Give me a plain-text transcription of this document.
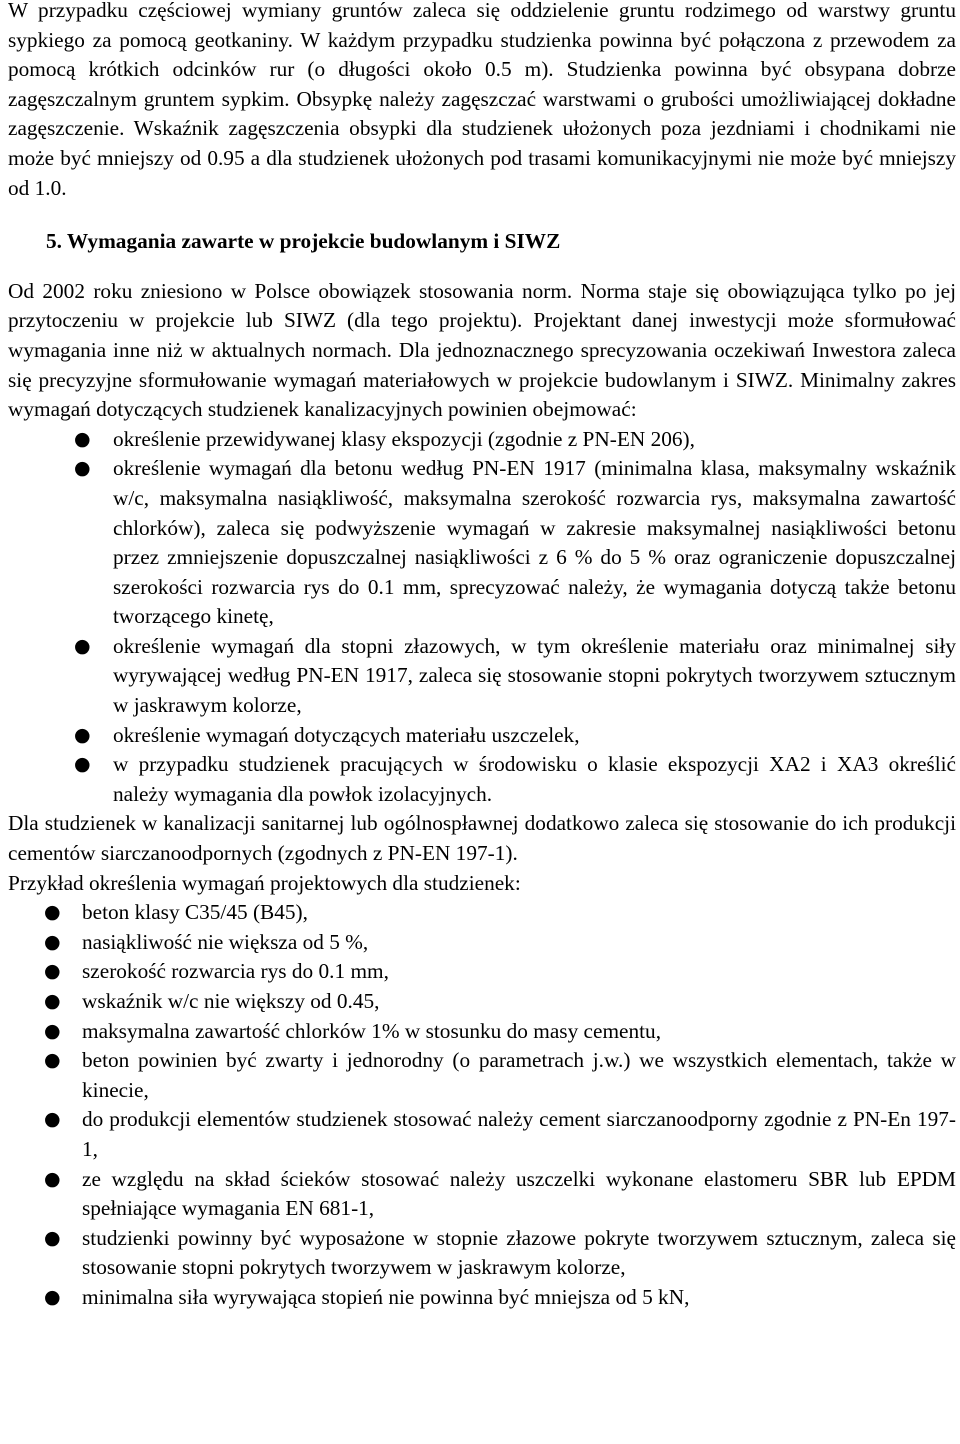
W przypadku częściowej wymiany gruntów zaleca się oddzielenie gruntu rodzimego od warstwy gruntu sypkiego za pomocą geotkaniny. W każdym przypadku studzienka powinna być połączona z przewodem za pomocą krótkich odcinków rur (o długości około 0.5 m). Studzienka powinna być obsypana dobrze zagęszczalnym gruntem sypkim. Obsypkę należy zagęszczać warstwami o grubości umożliwiającej dokładne zagęszczenie. Wskaźnik zagęszczenia obsypki dla studzienek ułożonych poza jezdniami i chodnikami nie może być mniejszy od 0.95 a dla studzienek ułożonych pod trasami komunikacyjnymi nie może być mniejszy od 1.0.

5. Wymagania zawarte w projekcie budowlanym i SIWZ

Od 2002 roku zniesiono w Polsce obowiązek stosowania norm. Norma staje się obowiązująca tylko po jej przytoczeniu w projekcie lub SIWZ (dla tego projektu). Projektant danej inwestycji może sformułować wymagania inne niż w aktualnych normach. Dla jednoznacznego sprecyzowania oczekiwań Inwestora zaleca się precyzyjne sformułowanie wymagań materiałowych w projekcie budowlanym i SIWZ. Minimalny zakres wymagań dotyczących studzienek kanalizacyjnych powinien obejmować:

● określenie przewidywanej klasy ekspozycji (zgodnie z PN-EN 206),
● określenie wymagań dla betonu według PN-EN 1917 (minimalna klasa, maksymalny wskaźnik w/c, maksymalna nasiąkliwość, maksymalna szerokość rozwarcia rys, maksymalna zawartość chlorków), zaleca się podwyższenie wymagań w zakresie maksymalnej nasiąkliwości betonu przez zmniejszenie dopuszczalnej nasiąkliwości z 6 % do 5 % oraz ograniczenie dopuszczalnej szerokości rozwarcia rys do 0.1 mm, sprecyzować należy, że wymagania dotyczą także betonu tworzącego kinetę,
● określenie wymagań dla stopni złazowych, w tym określenie materiału oraz minimalnej siły wyrywającej według PN-EN 1917, zaleca się stosowanie stopni pokrytych tworzywem sztucznym w jaskrawym kolorze,
● określenie wymagań dotyczących materiału uszczelek,
● w przypadku studzienek pracujących w środowisku o klasie ekspozycji XA2 i XA3 określić należy wymagania dla powłok izolacyjnych.

Dla studzienek w kanalizacji sanitarnej lub ogólnospławnej dodatkowo zaleca się stosowanie do ich produkcji cementów siarczanoodpornych (zgodnych z PN-EN 197-1).

Przykład określenia wymagań projektowych dla studzienek:

● beton klasy C35/45 (B45),
● nasiąkliwość nie większa od 5 %,
● szerokość rozwarcia rys do 0.1 mm,
● wskaźnik w/c nie większy od 0.45,
● maksymalna zawartość chlorków 1% w stosunku do masy cementu,
● beton powinien być zwarty i jednorodny (o parametrach j.w.) we wszystkich elementach, także w kinecie,
● do produkcji elementów studzienek stosować należy cement siarczanoodporny zgodnie z PN-En 197-1,
● ze względu na skład ścieków stosować należy uszczelki wykonane elastomeru SBR lub EPDM spełniające wymagania EN 681-1,
● studzienki powinny być wyposażone w stopnie złazowe pokryte tworzywem sztucznym, zaleca się stosowanie stopni pokrytych tworzywem w jaskrawym kolorze,
● minimalna siła wyrywająca stopień nie powinna być mniejsza od 5 kN,
